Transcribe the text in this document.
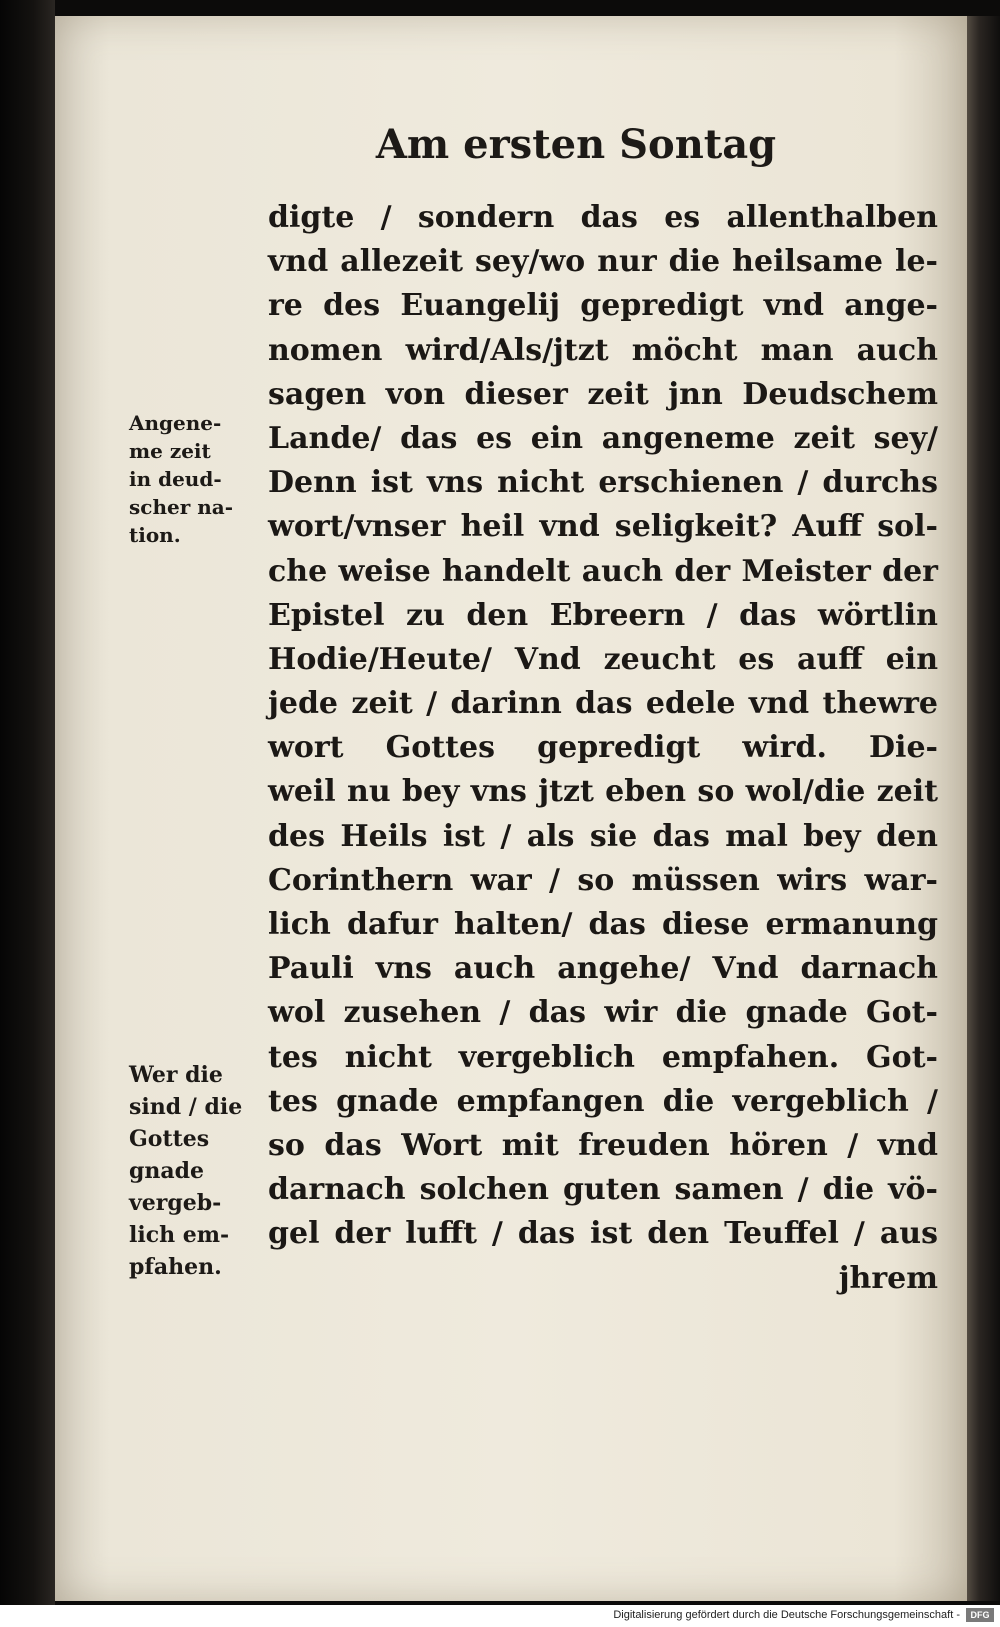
Am ersten Sontag
digte / sondern das es allenthalben
vnd allezeit sey/wo nur die heilsame le-
re des Euangelij gepredigt vnd ange-
nomen wird/Als/jtzt möcht man auch
sagen von dieser zeit jnn Deudschem
Lande/ das es ein angeneme zeit sey/
Denn ist vns nicht erschienen / durchs
wort/vnser heil vnd seligkeit? Auff sol-
che weise handelt auch der Meister der
Epistel zu den Ebreern / das wörtlin
Hodie/Heute/ Vnd zeucht es auff ein
jede zeit / darinn das edele vnd thewre
wort Gottes gepredigt wird. Die-
weil nu bey vns jtzt eben so wol/die zeit
des Heils ist / als sie das mal bey den
Corinthern war / so müssen wirs war-
lich dafur halten/ das diese ermanung
Pauli vns auch angehe/ Vnd darnach
wol zusehen / das wir die gnade Got-
tes nicht vergeblich empfahen. Got-
tes gnade empfangen die vergeblich /
so das Wort mit freuden hören / vnd
darnach solchen guten samen / die vö-
gel der lufft / das ist den Teuffel / aus
jhrem
Angene-
me zeit
in deud-
scher na-
tion.
Wer die
sind / die
Gottes
gnade
vergeb-
lich em-
pfahen.
Digitalisierung gefördert durch die Deutsche Forschungsgemeinschaft -	DFG
